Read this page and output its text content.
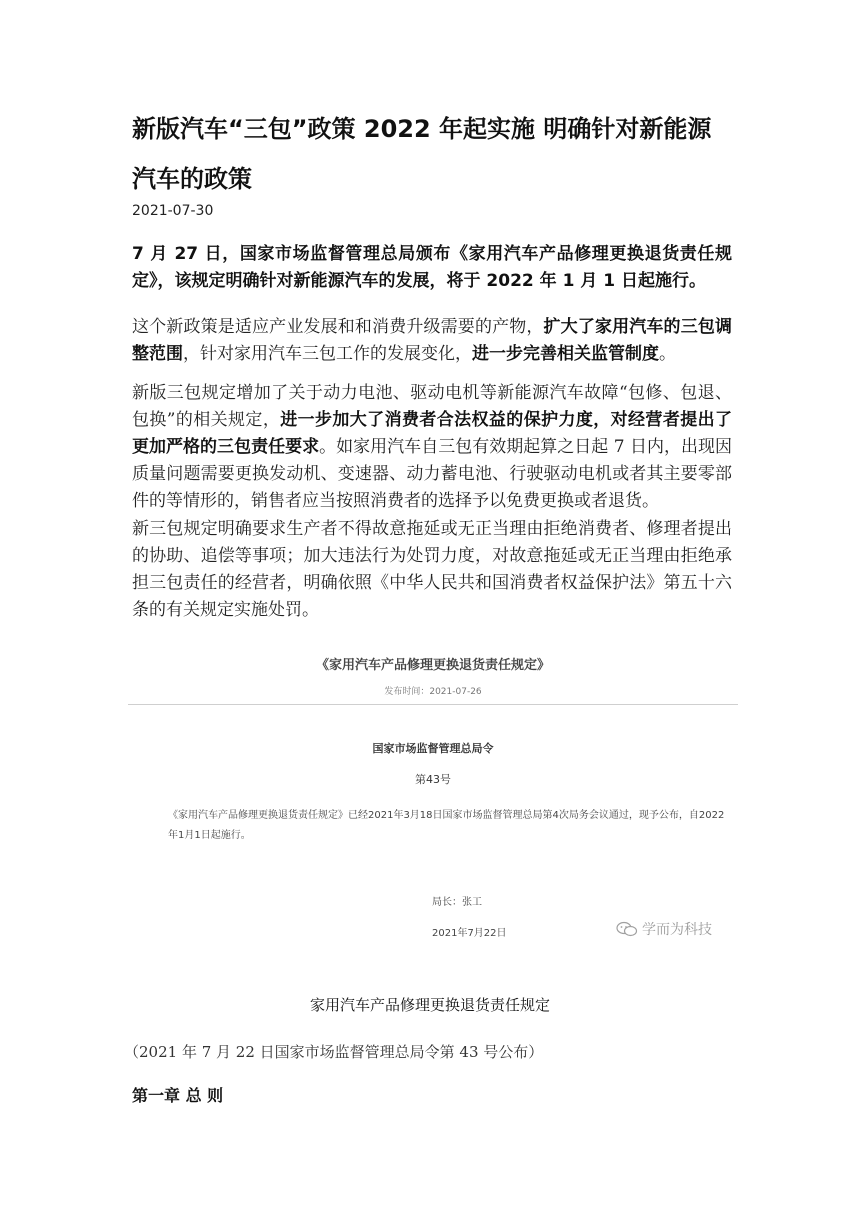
新版汽车“三包”政策 2022 年起实施 明确针对新能源汽车的政策
2021-07-30

7 月 27 日，国家市场监督管理总局颁布《家用汽车产品修理更换退货责任规定》，该规定明确针对新能源汽车的发展，将于 2022 年 1 月 1 日起施行。

这个新政策是适应产业发展和和消费升级需要的产物，扩大了家用汽车的三包调整范围，针对家用汽车三包工作的发展变化，进一步完善相关监管制度。

新版三包规定增加了关于动力电池、驱动电机等新能源汽车故障“包修、包退、包换”的相关规定，进一步加大了消费者合法权益的保护力度，对经营者提出了更加严格的三包责任要求。如家用汽车自三包有效期起算之日起 7 日内，出现因质量问题需要更换发动机、变速器、动力蓄电池、行驶驱动电机或者其主要零部件的等情形的，销售者应当按照消费者的选择予以免费更换或者退货。

新三包规定明确要求生产者不得故意拖延或无正当理由拒绝消费者、修理者提出的协助、追偿等事项；加大违法行为处罚力度，对故意拖延或无正当理由拒绝承担三包责任的经营者，明确依照《中华人民共和国消费者权益保护法》第五十六条的有关规定实施处罚。

《家用汽车产品修理更换退货责任规定》
发布时间：2021-07-26
国家市场监督管理总局令
第43号
《家用汽车产品修理更换退货责任规定》已经2021年3月18日国家市场监督管理总局第4次局务会议通过，现予公布，自2022年1月1日起施行。
局长：张工
2021年7月22日	学而为科技
家用汽车产品修理更换退货责任规定
（2021 年 7 月 22 日国家市场监督管理总局令第 43 号公布）
第一章 总 则
